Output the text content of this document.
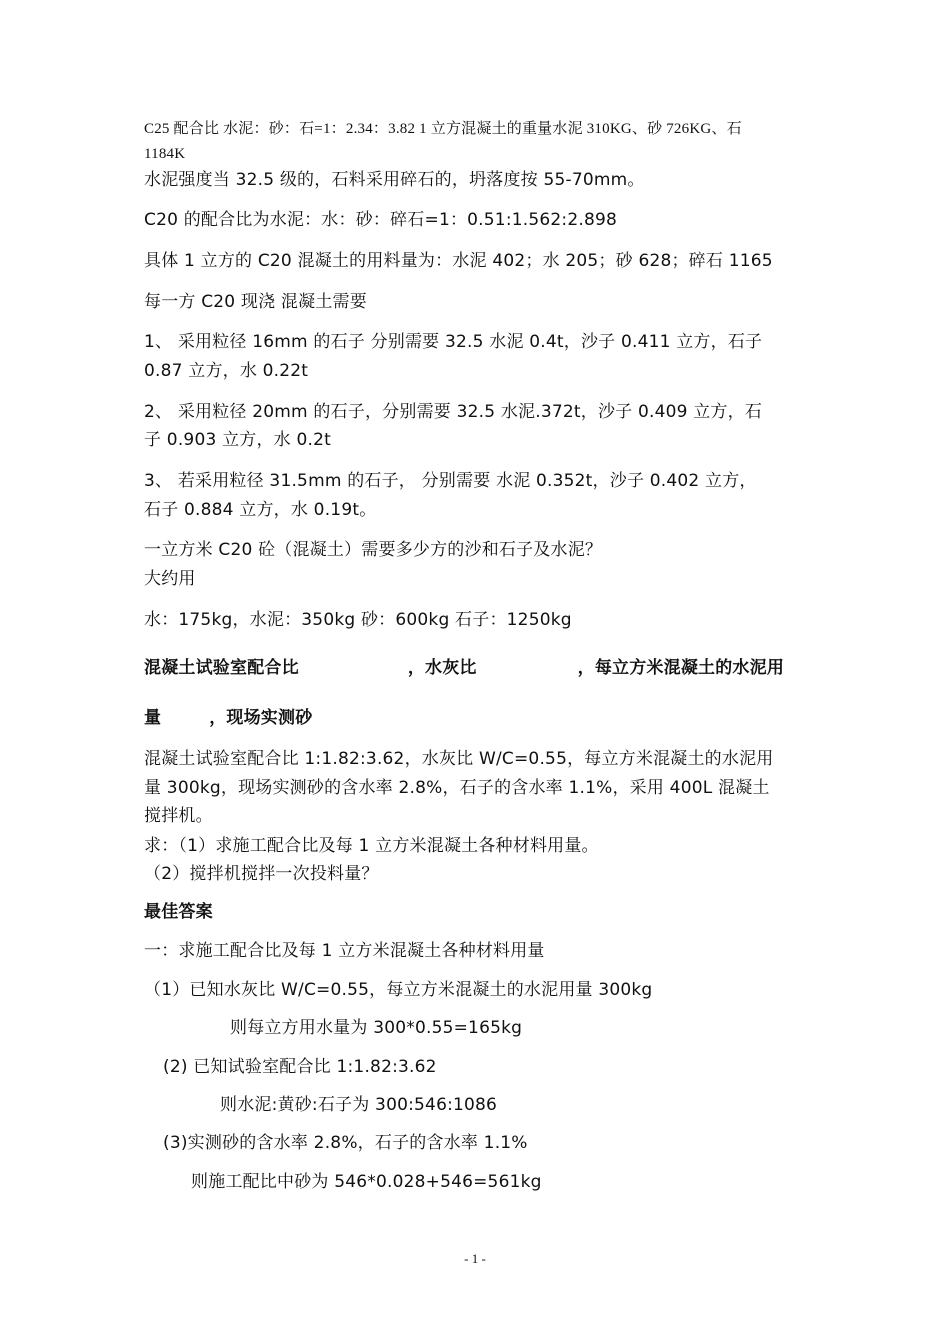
C25 配合比 水泥：砂：石=1：2.34：3.82 1 立方混凝土的重量水泥 310KG、砂 726KG、石
1184K
水泥强度当 32.5 级的，石料采用碎石的，坍落度按 55-70mm。
C20 的配合比为水泥：水：砂：碎石=1：0.51:1.562:2.898
具体 1 立方的 C20 混凝土的用料量为：水泥 402；水 205；砂 628；碎石 1165
每一方 C20 现浇 混凝土需要
1、 采用粒径 16mm 的石子 分别需要 32.5 水泥 0.4t，沙子 0.411 立方，石子
0.87 立方，水 0.22t
2、 采用粒径 20mm 的石子，分别需要 32.5 水泥.372t，沙子 0.409 立方，石
子 0.903 立方，水 0.2t
3、 若采用粒径 31.5mm 的石子， 分别需要 水泥 0.352t，沙子 0.402 立方，
石子 0.884 立方，水 0.19t。
一立方米 C20 砼（混凝土）需要多少方的沙和石子及水泥？
大约用
水：175kg，水泥：350kg 砂：600kg 石子：1250kg
混凝土试验室配合比	，水灰比	，每立方米混凝土的水泥用
量	，现场实测砂
混凝土试验室配合比 1:1.82:3.62，水灰比 W/C=0.55，每立方米混凝土的水泥用
量 300kg，现场实测砂的含水率 2.8%，石子的含水率 1.1%，采用 400L 混凝土
搅拌机。
求：（1）求施工配合比及每 1 立方米混凝土各种材料用量。
（2）搅拌机搅拌一次投料量？
最佳答案
一：求施工配合比及每 1 立方米混凝土各种材料用量
（1）已知水灰比 W/C=0.55，每立方米混凝土的水泥用量 300kg
则每立方用水量为 300*0.55=165kg
(2) 已知试验室配合比 1:1.82:3.62
则水泥:黄砂:石子为 300:546:1086
(3)实测砂的含水率 2.8%，石子的含水率 1.1%
则施工配比中砂为 546*0.028+546=561kg
- 1 -
